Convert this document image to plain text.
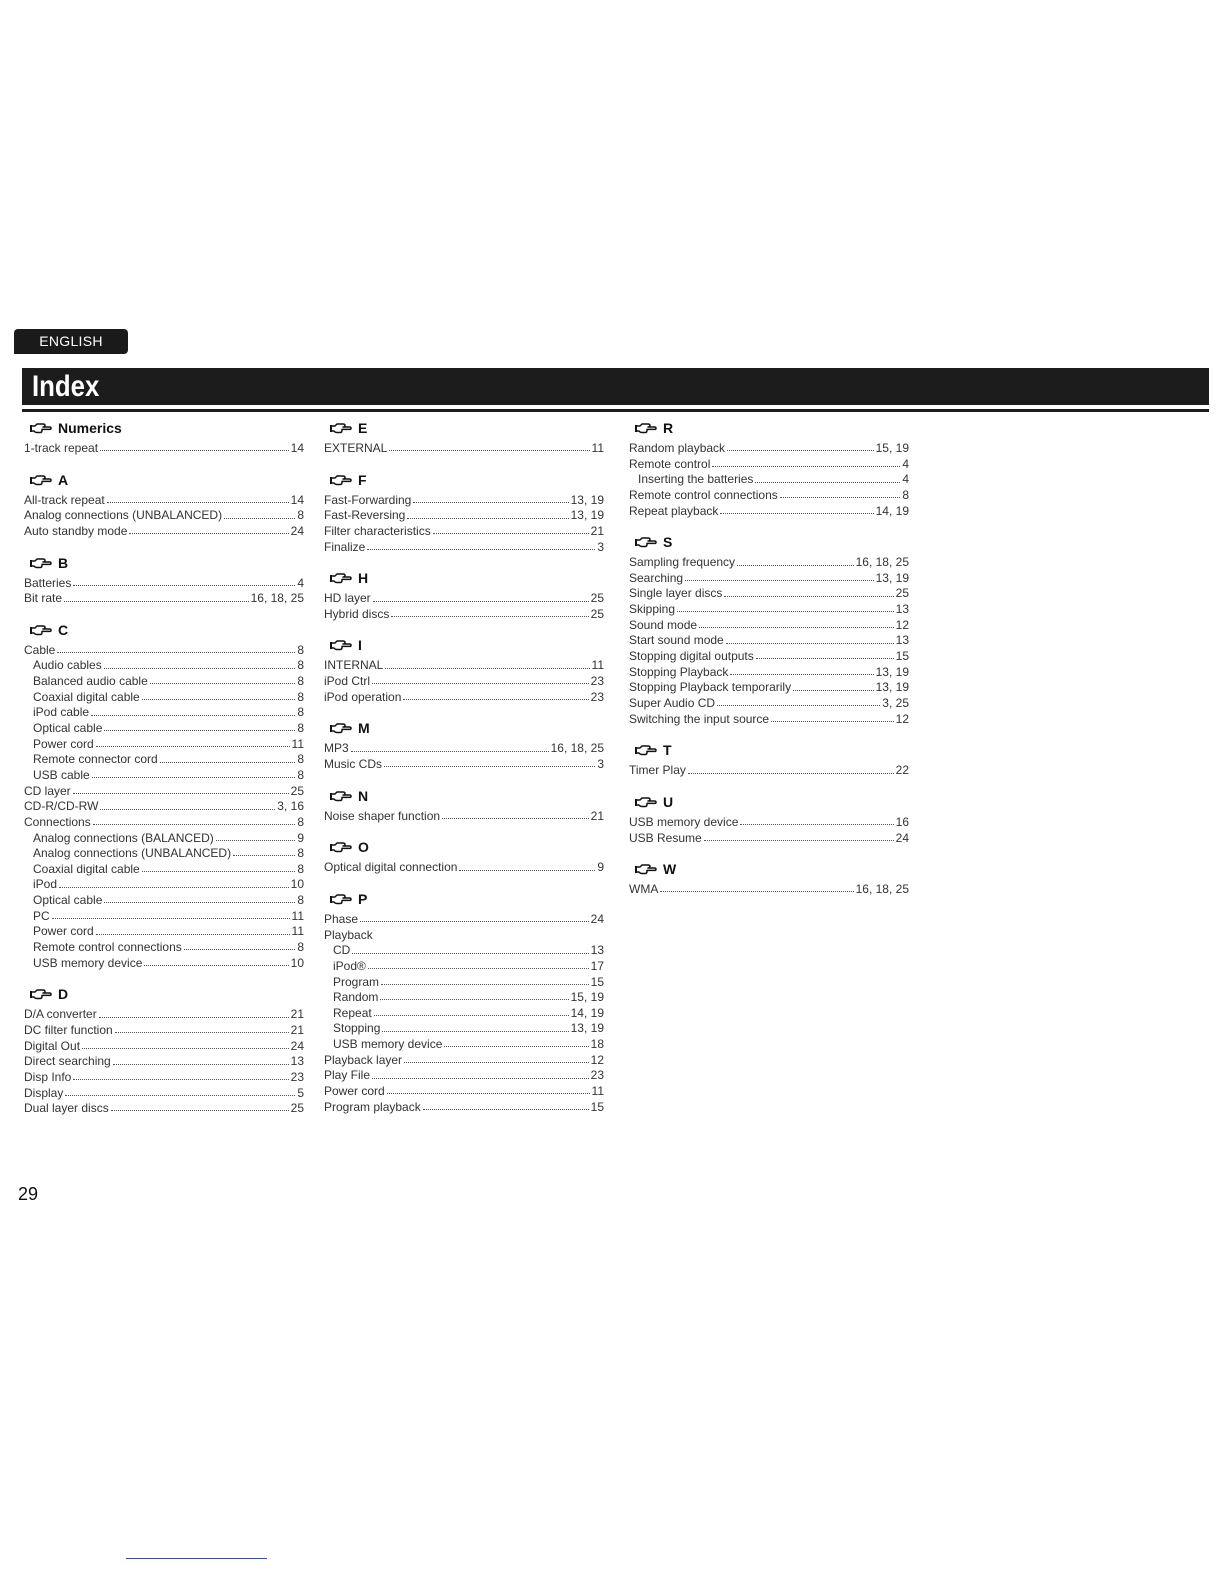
ENGLISH
Index
Numerics
1-track repeat	14
A
All-track repeat	14
Analog connections (UNBALANCED)	8
Auto standby mode	24
B
Batteries	4
Bit rate	16, 18, 25
C
Cable	8
Audio cables	8
Balanced audio cable	8
Coaxial digital cable	8
iPod cable	8
Optical cable	8
Power cord	11
Remote connector cord	8
USB cable	8
CD layer	25
CD-R/CD-RW	3, 16
Connections	8
Analog connections (BALANCED)	9
Analog connections (UNBALANCED)	8
Coaxial digital cable	8
iPod	10
Optical cable	8
PC	11
Power cord	11
Remote control connections	8
USB memory device	10
D
D/A converter	21
DC filter function	21
Digital Out	24
Direct searching	13
Disp Info	23
Display	5
Dual layer discs	25
E
EXTERNAL	11
F
Fast-Forwarding	13, 19
Fast-Reversing	13, 19
Filter characteristics	21
Finalize	3
H
HD layer	25
Hybrid discs	25
I
INTERNAL	11
iPod Ctrl	23
iPod operation	23
M
MP3	16, 18, 25
Music CDs	3
N
Noise shaper function	21
O
Optical digital connection	9
P
Phase	24
Playback
CD	13
iPod®	17
Program	15
Random	15, 19
Repeat	14, 19
Stopping	13, 19
USB memory device	18
Playback layer	12
Play File	23
Power cord	11
Program playback	15
R
Random playback	15, 19
Remote control	4
Inserting the batteries	4
Remote control connections	8
Repeat playback	14, 19
S
Sampling frequency	16, 18, 25
Searching	13, 19
Single layer discs	25
Skipping	13
Sound mode	12
Start sound mode	13
Stopping digital outputs	15
Stopping Playback	13, 19
Stopping Playback temporarily	13, 19
Super Audio CD	3, 25
Switching the input source	12
T
Timer Play	22
U
USB memory device	16
USB Resume	24
W
WMA	16, 18, 25
29
